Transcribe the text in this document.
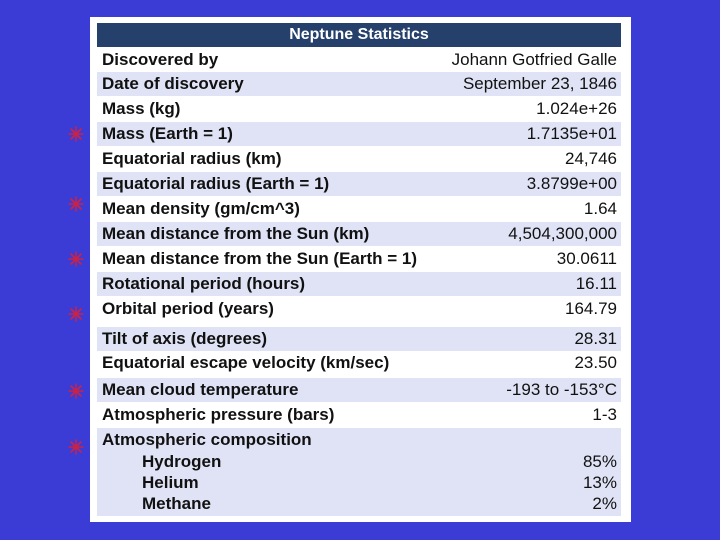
Neptune Statistics
Discovered by	Johann Gotfried Galle
Date of discovery	September 23, 1846
Mass (kg)	1.024e+26
Mass (Earth = 1)	1.7135e+01
Equatorial radius (km)	24,746
Equatorial radius (Earth = 1)	3.8799e+00
Mean density (gm/cm^3)	1.64
Mean distance from the Sun (km)	4,504,300,000
Mean distance from the Sun (Earth = 1)	30.0611
Rotational period (hours)	16.11
Orbital period (years)	164.79
Tilt of axis (degrees)	28.31
Equatorial escape velocity (km/sec)	23.50
Mean cloud temperature	-193 to -153°C
Atmospheric pressure (bars)	1-3
Atmospheric composition
Hydrogen	85%
Helium	13%
Methane	2%
